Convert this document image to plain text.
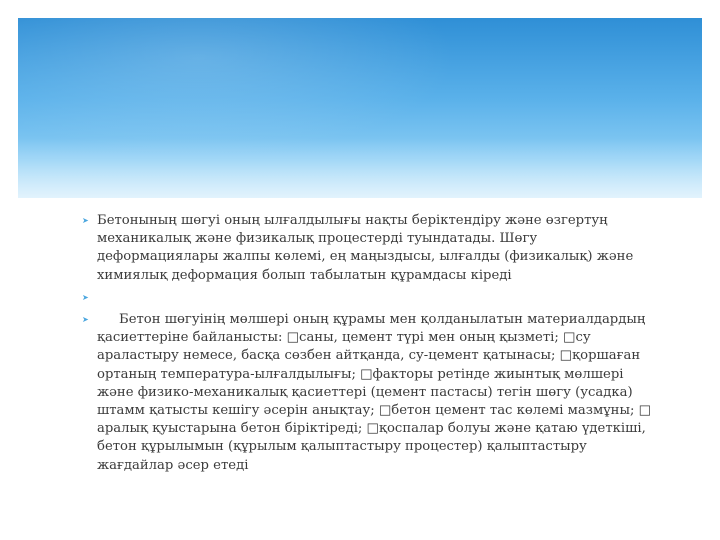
➤ Бетонының шөгуі оның ылғалдылығы нақты беріктендіру және өзгертуң механикалық және физикалық процестерді туындатады. Шөгу деформациялары жалпы көлемі, ең маңыздысы, ылғалды (физикалық) және химиялық деформация болып табылатын құрамдасы кіреді
➤
➤	Бетон шөгуінің мөлшері оның құрамы мен қолданылатын материалдардың қасиеттеріне байланысты: □саны, цемент түрі мен оның қызметі; □су араластыру немесе, басқа сөзбен айтқанда, су-цемент қатынасы; □қоршаған ортаның температура-ылғалдылығы; □факторы ретінде жиынтық мөлшері және физико-механикалық қасиеттері (цемент пастасы) тегін шөгу (усадка) штамм қатысты кешігу әсерін анықтау; □бетон цемент тас көлемі мазмұны; □ аралық қуыстарына бетон біріктіреді; □қоспалар болуы және қатаю үдеткіші, бетон құрылымын (құрылым қалыптастыру процестер) қалыптастыру жағдайлар әсер етеді
